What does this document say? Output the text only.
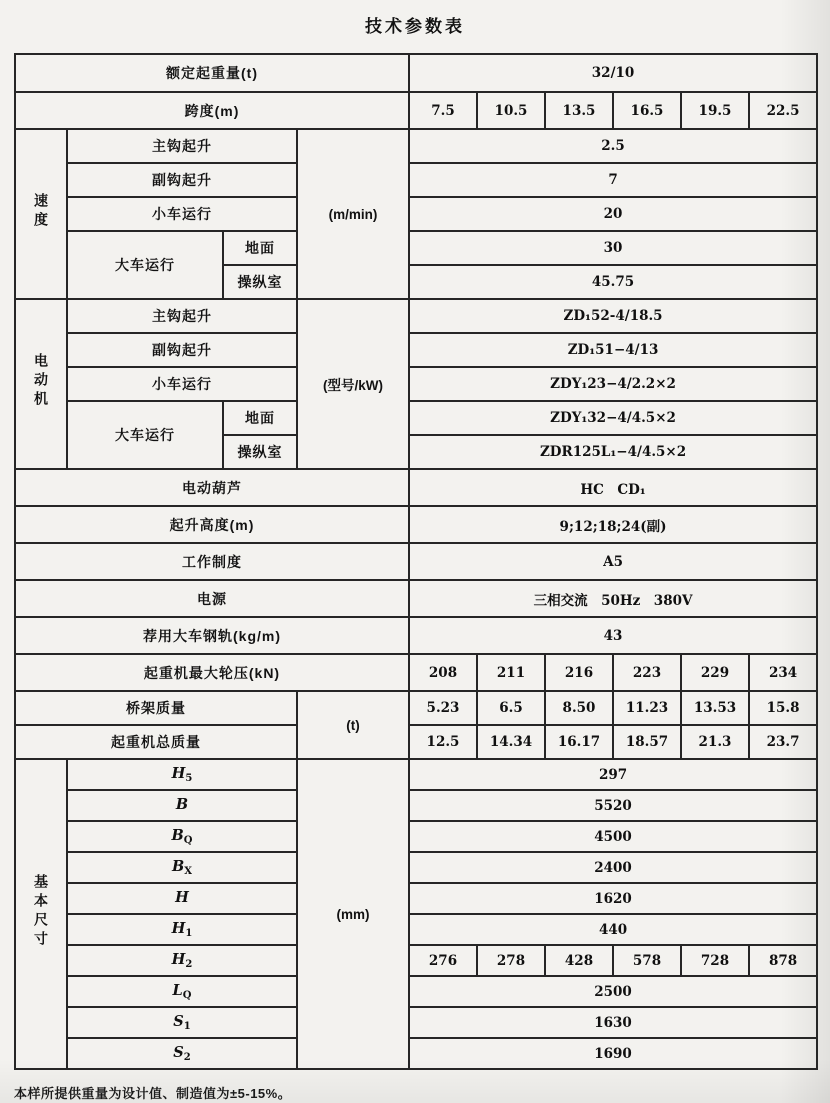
技术参数表
额定起重量(t)				32/10					
跨度(m)				7.5	10.5	13.5	16.5	19.5	22.5
速度	主钩起升		(m/min)	2.5					
	副钩起升			7					
	小车运行			20					
	大车运行	地面		30					
		操纵室		45.75					
电动机	主钩起升		(型号/kW)	ZD₁52-4/18.5					
	副钩起升			ZD₁51−4/13					
	小车运行			ZDY₁23−4/2.2×2					
	大车运行	地面		ZDY₁32−4/4.5×2					
		操纵室		ZDR125L₁−4/4.5×2					
电动葫芦				HC　CD₁					
起升高度(m)				9;12;18;24(副)					
工作制度				A5					
电源				三相交流　50Hz　380V					
荐用大车钢轨(kg/m)				43					
起重机最大轮压(kN)				208	211	216	223	229	234
桥架质量			(t)	5.23	6.5	8.50	11.23	13.53	15.8
起重机总质量				12.5	14.34	16.17	18.57	21.3	23.7
基本尺寸	$H_5$		(mm)	297					
	B			5520					
	$B_Q$			4500					
	$B_X$			2400					
	H			1620					
	$H_1$			440					
	$H_2$			276	278	428	578	728	878
	$L_Q$			2500					
	$S_1$			1630					
	$S_2$			1690					
本样所提供重量为设计值、制造值为±5-15%。
